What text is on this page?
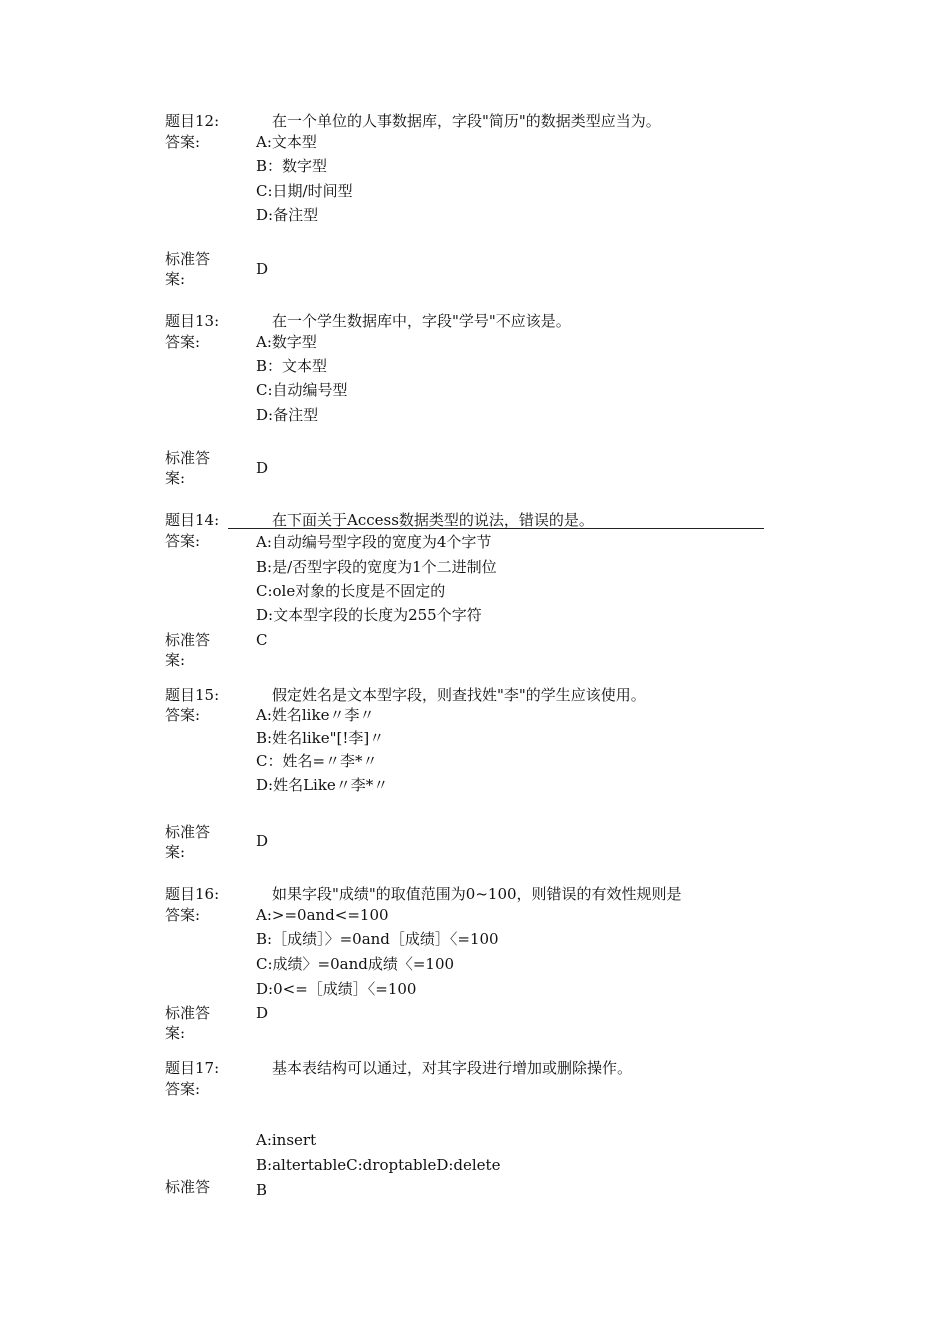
题目12:	在一个单位的人事数据库，字段"简历"的数据类型应当为。
答案:	A:文本型
B：数字型
C:日期/时间型
D:备注型
标准答
案:
D
题目13:	在一个学生数据库中，字段"学号"不应该是。
答案:	A:数字型
B：文本型
C:自动编号型
D:备注型
标准答
案:
D
题目14:	在下面关于Access数据类型的说法，错误的是。
答案:	A:自动编号型字段的宽度为4个字节
B:是/否型字段的宽度为1个二进制位
C:ole对象的长度是不固定的
D:文本型字段的长度为255个字符
标准答
案:
C
题目15:	假定姓名是文本型字段，则查找姓"李"的学生应该使用。
答案:	A:姓名like〃李〃
B:姓名like"[!李]〃
C：姓名=〃李*〃
D:姓名Like〃李*〃
标准答
案:
D
题目16:	如果字段"成绩"的取值范围为0~100，则错误的有效性规则是
答案:	A:>=0and<=100
B:［成绩］〉=0and［成绩］〈=100
C:成绩〉=0and成绩〈=100
D:0<=［成绩］〈=100
标准答
案:
D
题目17:	基本表结构可以通过，对其字段进行增加或删除操作。
答案:
A:insert
B:altertableC:droptableD:delete
标准答	B
